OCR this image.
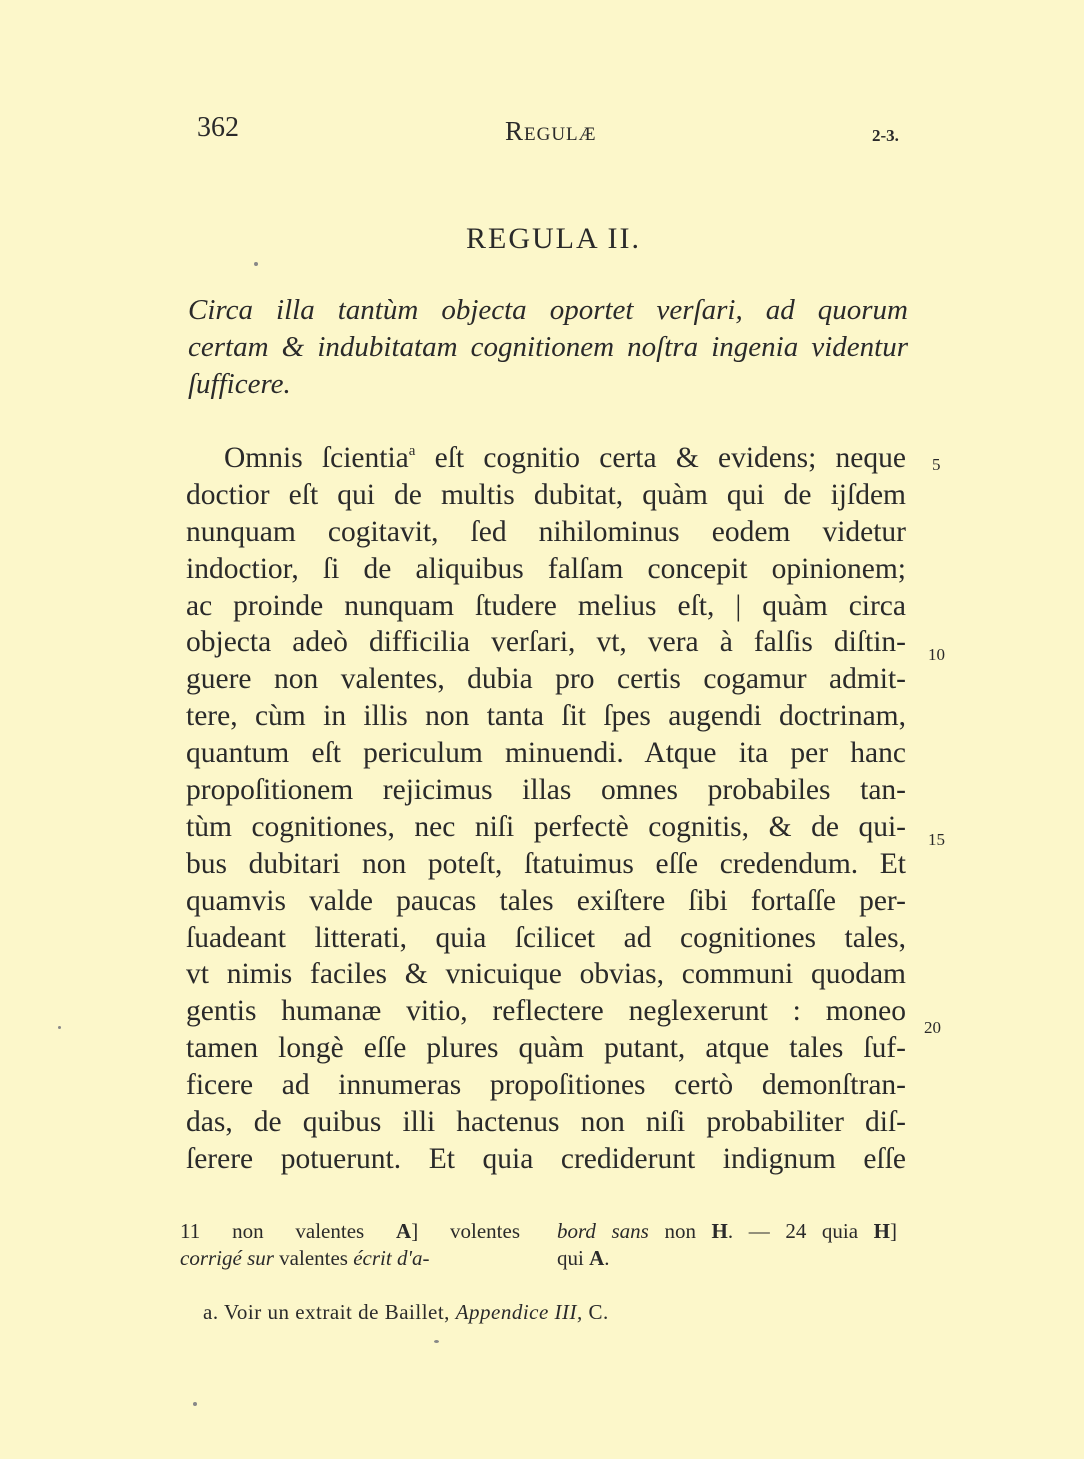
362	Regulæ	2-3.
REGULA II.
Circa illa tantùm objecta oportet verſari, ad quorum
certam & indubitatam cognitionem noſtra ingenia videntur
ſufficere.
Omnis ſcientia$^a$ eſt cognitio certa & evidens; neque
doctior eſt qui de multis dubitat, quàm qui de ijſdem
nunquam cogitavit, ſed nihilominus eodem videtur
indoctior, ſi de aliquibus falſam concepit opinionem;
ac proinde nunquam ſtudere melius eſt, | quàm circa
objecta adeò difficilia verſari, vt, vera à falſis diſtin-
guere non valentes, dubia pro certis cogamur admit-
tere, cùm in illis non tanta ſit ſpes augendi doctrinam,
quantum eſt periculum minuendi. Atque ita per hanc
propoſitionem rejicimus illas omnes probabiles tan-
tùm cognitiones, nec niſi perfectè cognitis, & de qui-
bus dubitari non poteſt, ſtatuimus eſſe credendum. Et
quamvis valde paucas tales exiſtere ſibi fortaſſe per-
ſuadeant litterati, quia ſcilicet ad cognitiones tales,
vt nimis faciles & vnicuique obvias, communi quodam
gentis humanæ vitio, reflectere neglexerunt : moneo
tamen longè eſſe plures quàm putant, atque tales ſuf-
ficere ad innumeras propoſitiones certò demonſtran-
das, de quibus illi hactenus non niſi probabiliter diſ-
ſerere potuerunt. Et quia crediderunt indignum eſſe
5
10
15
20
11 non valentes A] volentes
corrigé sur valentes écrit d'a-
bord sans non H. — 24 quia H]
qui A.
a. Voir un extrait de Baillet, Appendice III, C.
